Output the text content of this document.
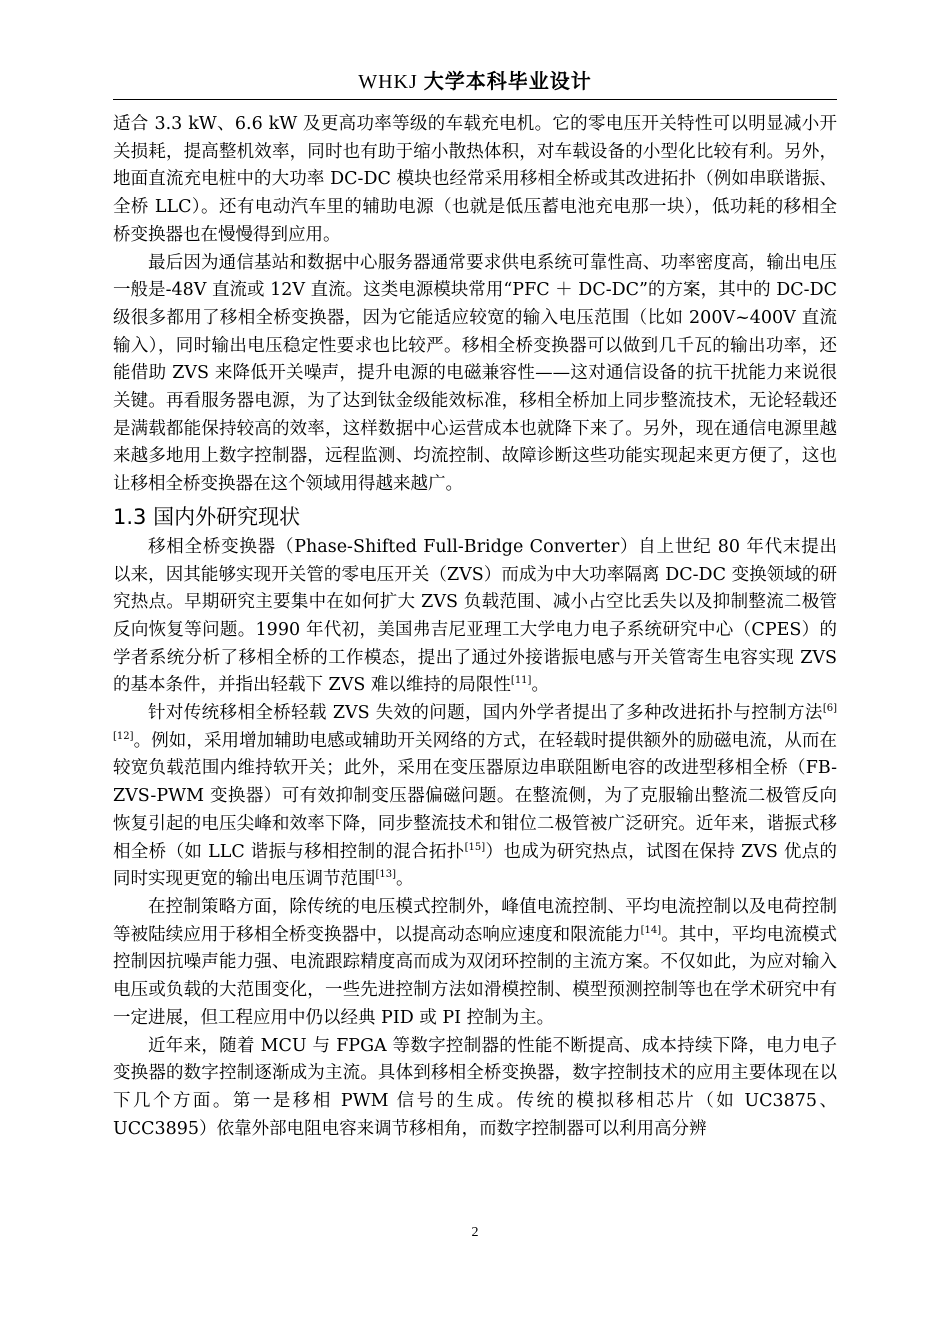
WHKJ 大学本科毕业设计

适合 3.3 kW、6.6 kW 及更高功率等级的车载充电机。它的零电压开关特性可以明显减小开关损耗，提高整机效率，同时也有助于缩小散热体积，对车载设备的小型化比较有利。另外，地面直流充电桩中的大功率 DC-DC 模块也经常采用移相全桥或其改进拓扑（例如串联谐振、全桥 LLC）。还有电动汽车里的辅助电源（也就是低压蓄电池充电那一块），低功耗的移相全桥变换器也在慢慢得到应用。

最后因为通信基站和数据中心服务器通常要求供电系统可靠性高、功率密度高，输出电压一般是-48V 直流或 12V 直流。这类电源模块常用“PFC ＋ DC-DC”的方案，其中的 DC-DC 级很多都用了移相全桥变换器，因为它能适应较宽的输入电压范围（比如 200V~400V 直流输入），同时输出电压稳定性要求也比较严。移相全桥变换器可以做到几千瓦的输出功率，还能借助 ZVS 来降低开关噪声，提升电源的电磁兼容性——这对通信设备的抗干扰能力来说很关键。再看服务器电源，为了达到钛金级能效标准，移相全桥加上同步整流技术，无论轻载还是满载都能保持较高的效率，这样数据中心运营成本也就降下来了。另外，现在通信电源里越来越多地用上数字控制器，远程监测、均流控制、故障诊断这些功能实现起来更方便了，这也让移相全桥变换器在这个领域用得越来越广。

1.3 国内外研究现状

移相全桥变换器（Phase-Shifted Full-Bridge Converter）自上世纪 80 年代末提出以来，因其能够实现开关管的零电压开关（ZVS）而成为中大功率隔离 DC-DC 变换领域的研究热点。早期研究主要集中在如何扩大 ZVS 负载范围、减小占空比丢失以及抑制整流二极管反向恢复等问题。1990 年代初，美国弗吉尼亚理工大学电力电子系统研究中心（CPES）的学者系统分析了移相全桥的工作模态，提出了通过外接谐振电感与开关管寄生电容实现 ZVS 的基本条件，并指出轻载下 ZVS 难以维持的局限性[11]。

针对传统移相全桥轻载 ZVS 失效的问题，国内外学者提出了多种改进拓扑与控制方法[6][12]。例如，采用增加辅助电感或辅助开关网络的方式，在轻载时提供额外的励磁电流，从而在较宽负载范围内维持软开关；此外，采用在变压器原边串联阻断电容的改进型移相全桥（FB-ZVS-PWM 变换器）可有效抑制变压器偏磁问题。在整流侧，为了克服输出整流二极管反向恢复引起的电压尖峰和效率下降，同步整流技术和钳位二极管被广泛研究。近年来，谐振式移相全桥（如 LLC 谐振与移相控制的混合拓扑[15]）也成为研究热点，试图在保持 ZVS 优点的同时实现更宽的输出电压调节范围[13]。

在控制策略方面，除传统的电压模式控制外，峰值电流控制、平均电流控制以及电荷控制等被陆续应用于移相全桥变换器中，以提高动态响应速度和限流能力[14]。其中，平均电流模式控制因抗噪声能力强、电流跟踪精度高而成为双闭环控制的主流方案。不仅如此，为应对输入电压或负载的大范围变化，一些先进控制方法如滑模控制、模型预测控制等也在学术研究中有一定进展，但工程应用中仍以经典 PID 或 PI 控制为主。

近年来，随着 MCU 与 FPGA 等数字控制器的性能不断提高、成本持续下降，电力电子变换器的数字控制逐渐成为主流。具体到移相全桥变换器，数字控制技术的应用主要体现在以下几个方面。第一是移相 PWM 信号的生成。传统的模拟移相芯片（如 UC3875、UCC3895）依靠外部电阻电容来调节移相角，而数字控制器可以利用高分辨

2
